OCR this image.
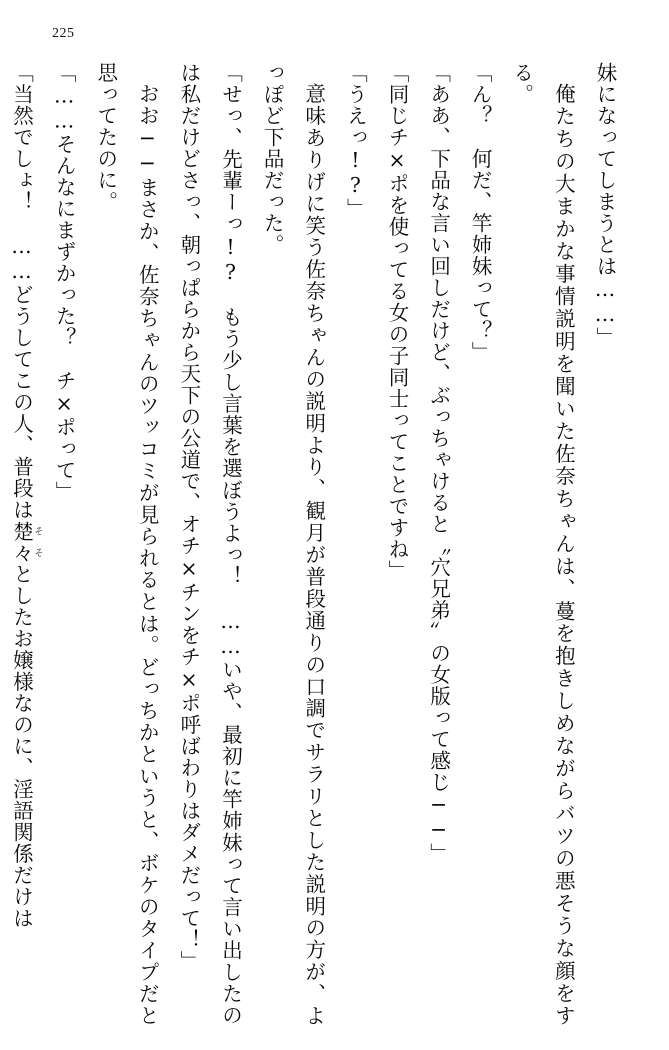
225

妹になってしまうとは……」

俺たちの大まかな事情説明を聞いた佐奈ちゃんは、蔓を抱きしめながらバツの悪そうな顔をする。

「ん？　何だ、竿姉妹って？」

「ああ、下品な言い回しだけど、ぶっちゃけると〝穴兄弟〟の女版って感じ──」

「同じチ×ポを使ってる女の子同士ってことですね」

「うえっ!?」

意味ありげに笑う佐奈ちゃんの説明より、観月が普段通りの口調でサラリとした説明の方が、よっぽど下品だった。

「せっ、先輩ーっ!?　もう少し言葉を選ぼうよっ！　……いや、最初に竿姉妹って言い出したのは私だけどさっ、朝っぱらから天下の公道で、オチ×チンをチ×ポ呼ばわりはダメだって！」

おお──まさか、佐奈ちゃんのツッコミが見られるとは。どっちかというと、ボケのタイプだと思ってたのに。

「……そんなにまずかった？　チ×ポって」

「当然でしょ！　……どうしてこの人、普段は楚々 そそとしたお嬢様なのに、淫語関係だけは
